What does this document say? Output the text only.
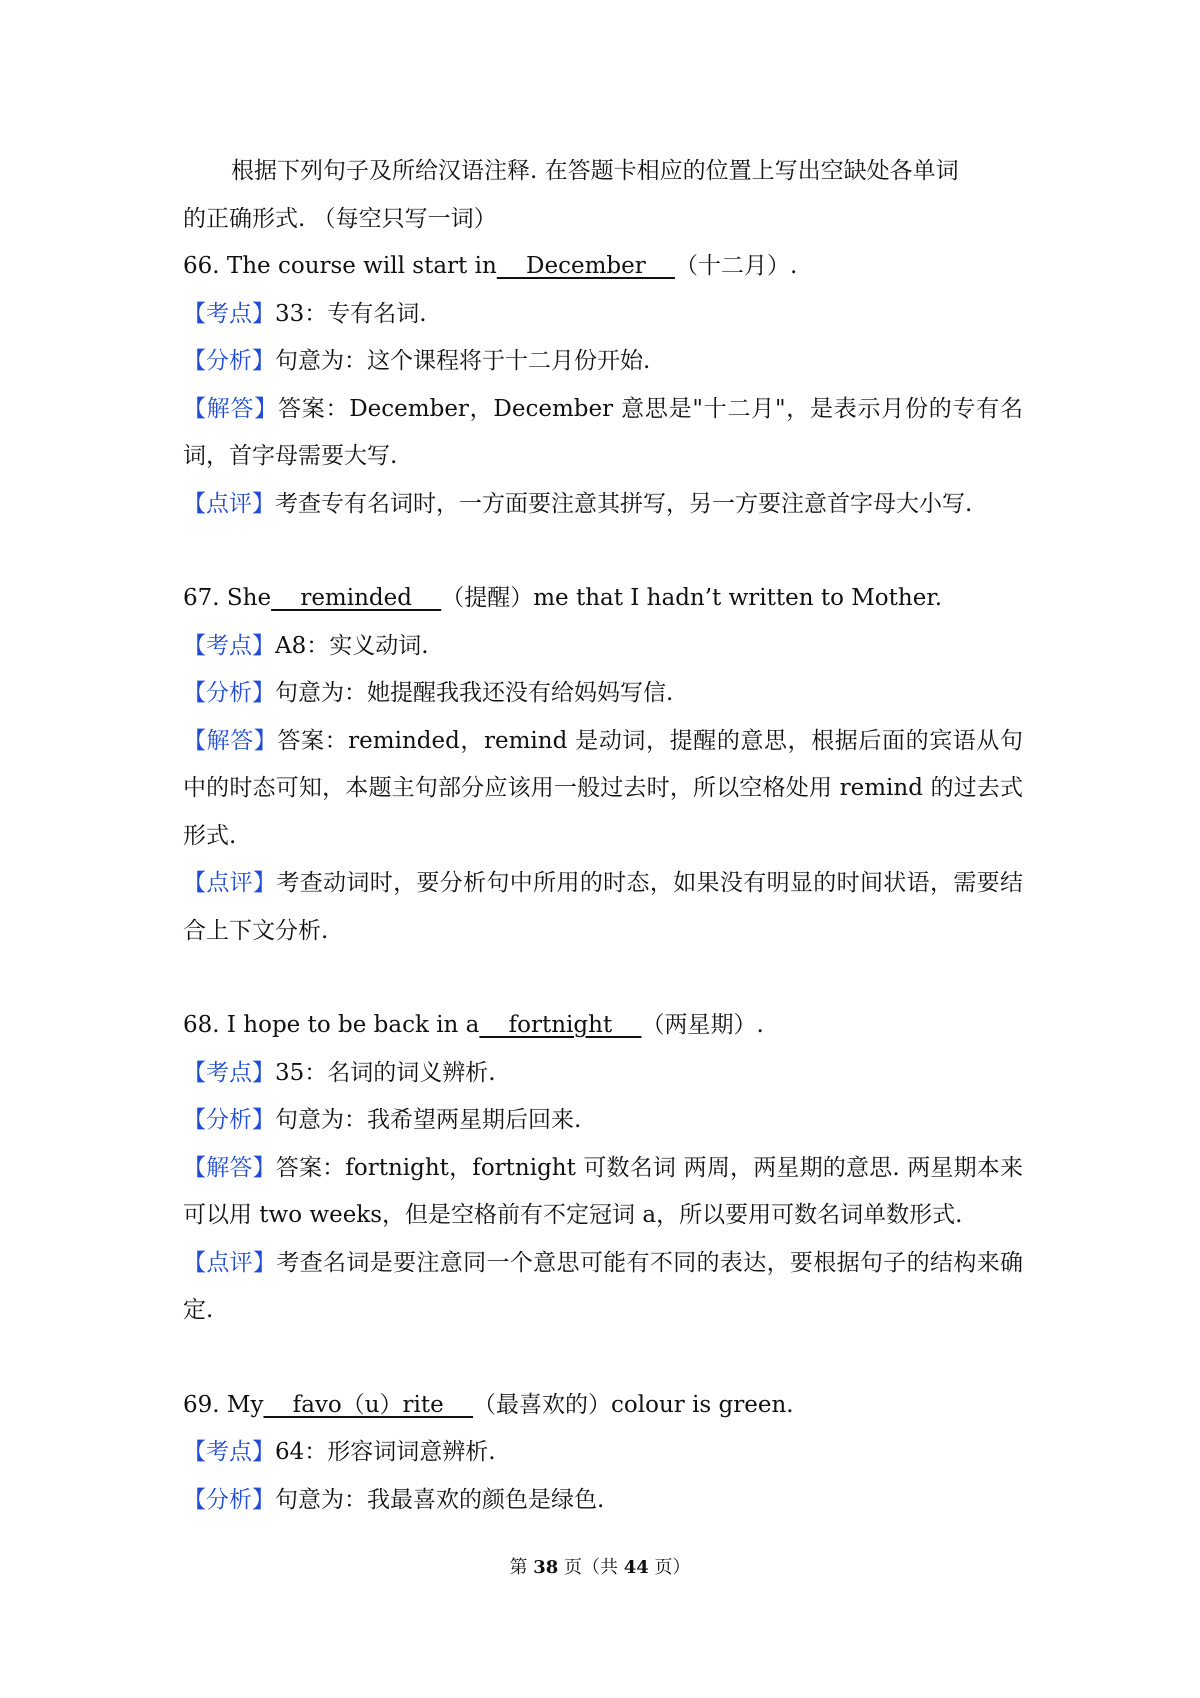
根据下列句子及所给汉语注释. 在答题卡相应的位置上写出空缺处各单词
的正确形式. （每空只写一词）
66. The course will start in    December    （十二月）.
【考点】33：专有名词.
【分析】句意为：这个课程将于十二月份开始.
【解答】答案：December，December 意思是"十二月"，是表示月份的专有名词，首字母需要大写.
【点评】考查专有名词时，一方面要注意其拼写，另一方要注意首字母大小写.
67. She    reminded    （提醒）me that I hadn’t written to Mother.
【考点】A8：实义动词.
【分析】句意为：她提醒我我还没有给妈妈写信.
【解答】答案：reminded，remind 是动词，提醒的意思，根据后面的宾语从句中的时态可知，本题主句部分应该用一般过去时，所以空格处用 remind 的过去式形式.
【点评】考查动词时，要分析句中所用的时态，如果没有明显的时间状语，需要结合上下文分析.
68. I hope to be back in a    fortnight    （两星期）.
【考点】35：名词的词义辨析.
【分析】句意为：我希望两星期后回来.
【解答】答案：fortnight，fortnight 可数名词 两周，两星期的意思. 两星期本来可以用 two weeks，但是空格前有不定冠词 a，所以要用可数名词单数形式.
【点评】考查名词是要注意同一个意思可能有不同的表达，要根据句子的结构来确定.
69. My    favo（u）rite    （最喜欢的）colour is green.
【考点】64：形容词词意辨析.
【分析】句意为：我最喜欢的颜色是绿色.
第 38 页（共 44 页）
